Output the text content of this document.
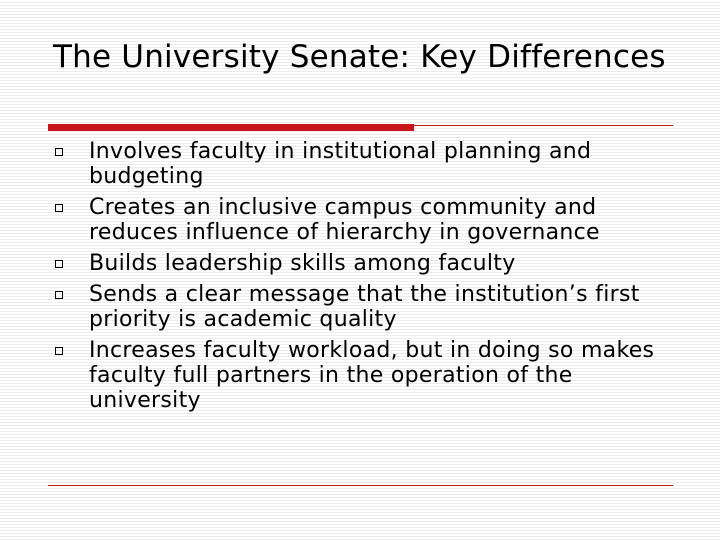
The University Senate: Key Differences
Involves faculty in institutional planning and budgeting
Creates an inclusive campus community and reduces influence of hierarchy in governance
Builds leadership skills among faculty
Sends a clear message that the institution’s first priority is academic quality
Increases faculty workload, but in doing so makes faculty full partners in the operation of the university
